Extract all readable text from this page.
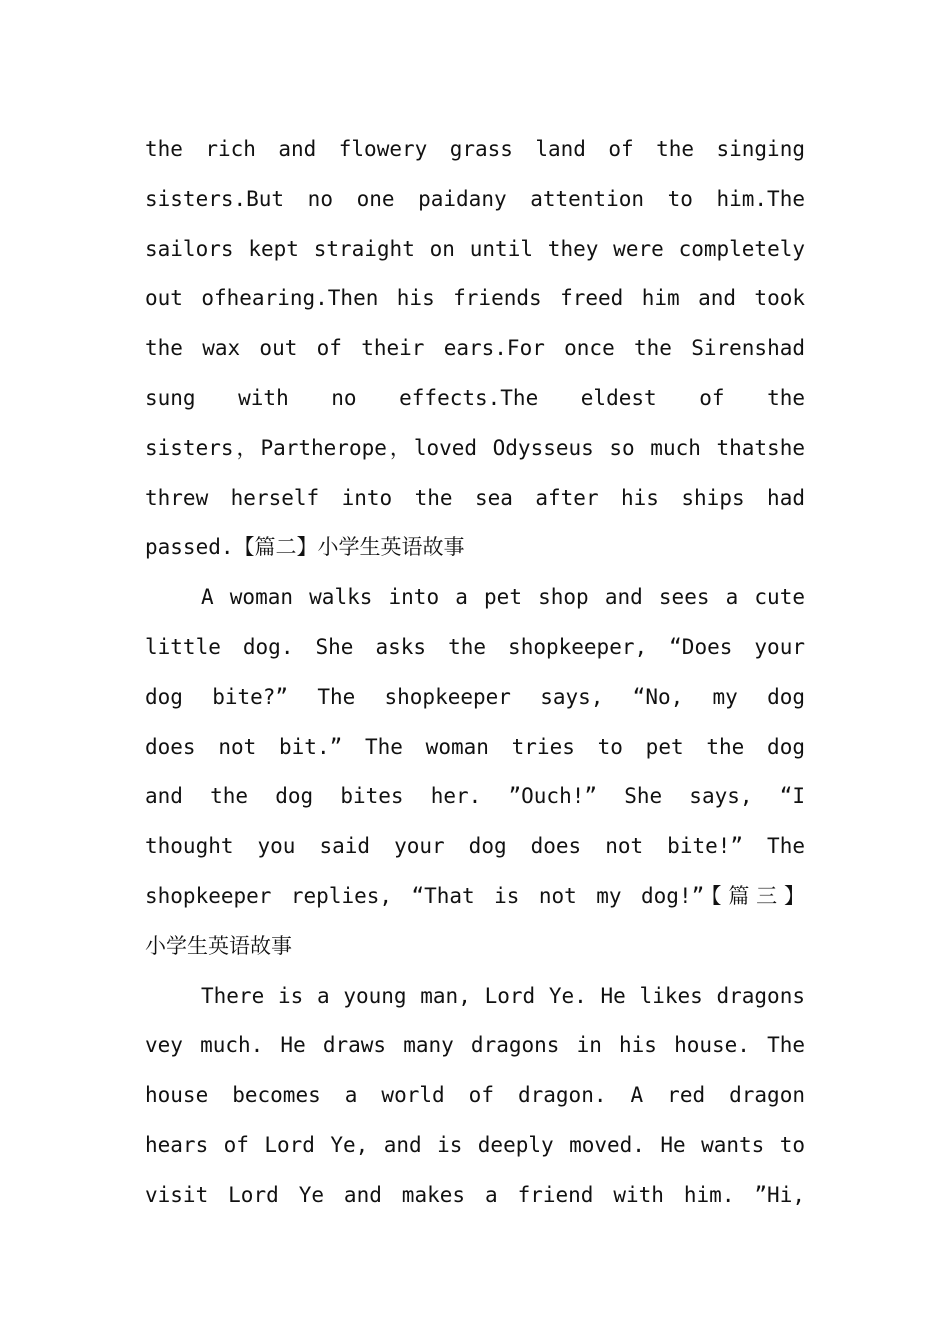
the rich and flowery grass land of the singing
sisters.But no one paidany attention to him.The
sailors kept straight on until they were completely
out ofhearing.Then his friends freed him and took
the wax out of their ears.For once the Sirenshad
sung with no effects.The eldest of the
sisters，Partherope，loved Odysseus so much thatshe
threw herself into the sea after his ships had
passed.【篇二】小学生英语故事
A woman walks into a pet shop and sees a cute
little dog. She asks the shopkeeper, “Does your
dog bite?” The shopkeeper says, “No, my dog
does not bit.” The woman tries to pet the dog
and the dog bites her. ”Ouch!” She says, “I
thought you said your dog does not bite!” The
shopkeeper replies, “That is not my dog!”【篇三】
小学生英语故事
There is a young man, Lord Ye. He likes dragons
vey much. He draws many dragons in his house. The
house becomes a world of dragon. A red dragon
hears of Lord Ye, and is deeply moved. He wants to
visit Lord Ye and makes a friend with him. ”Hi,
